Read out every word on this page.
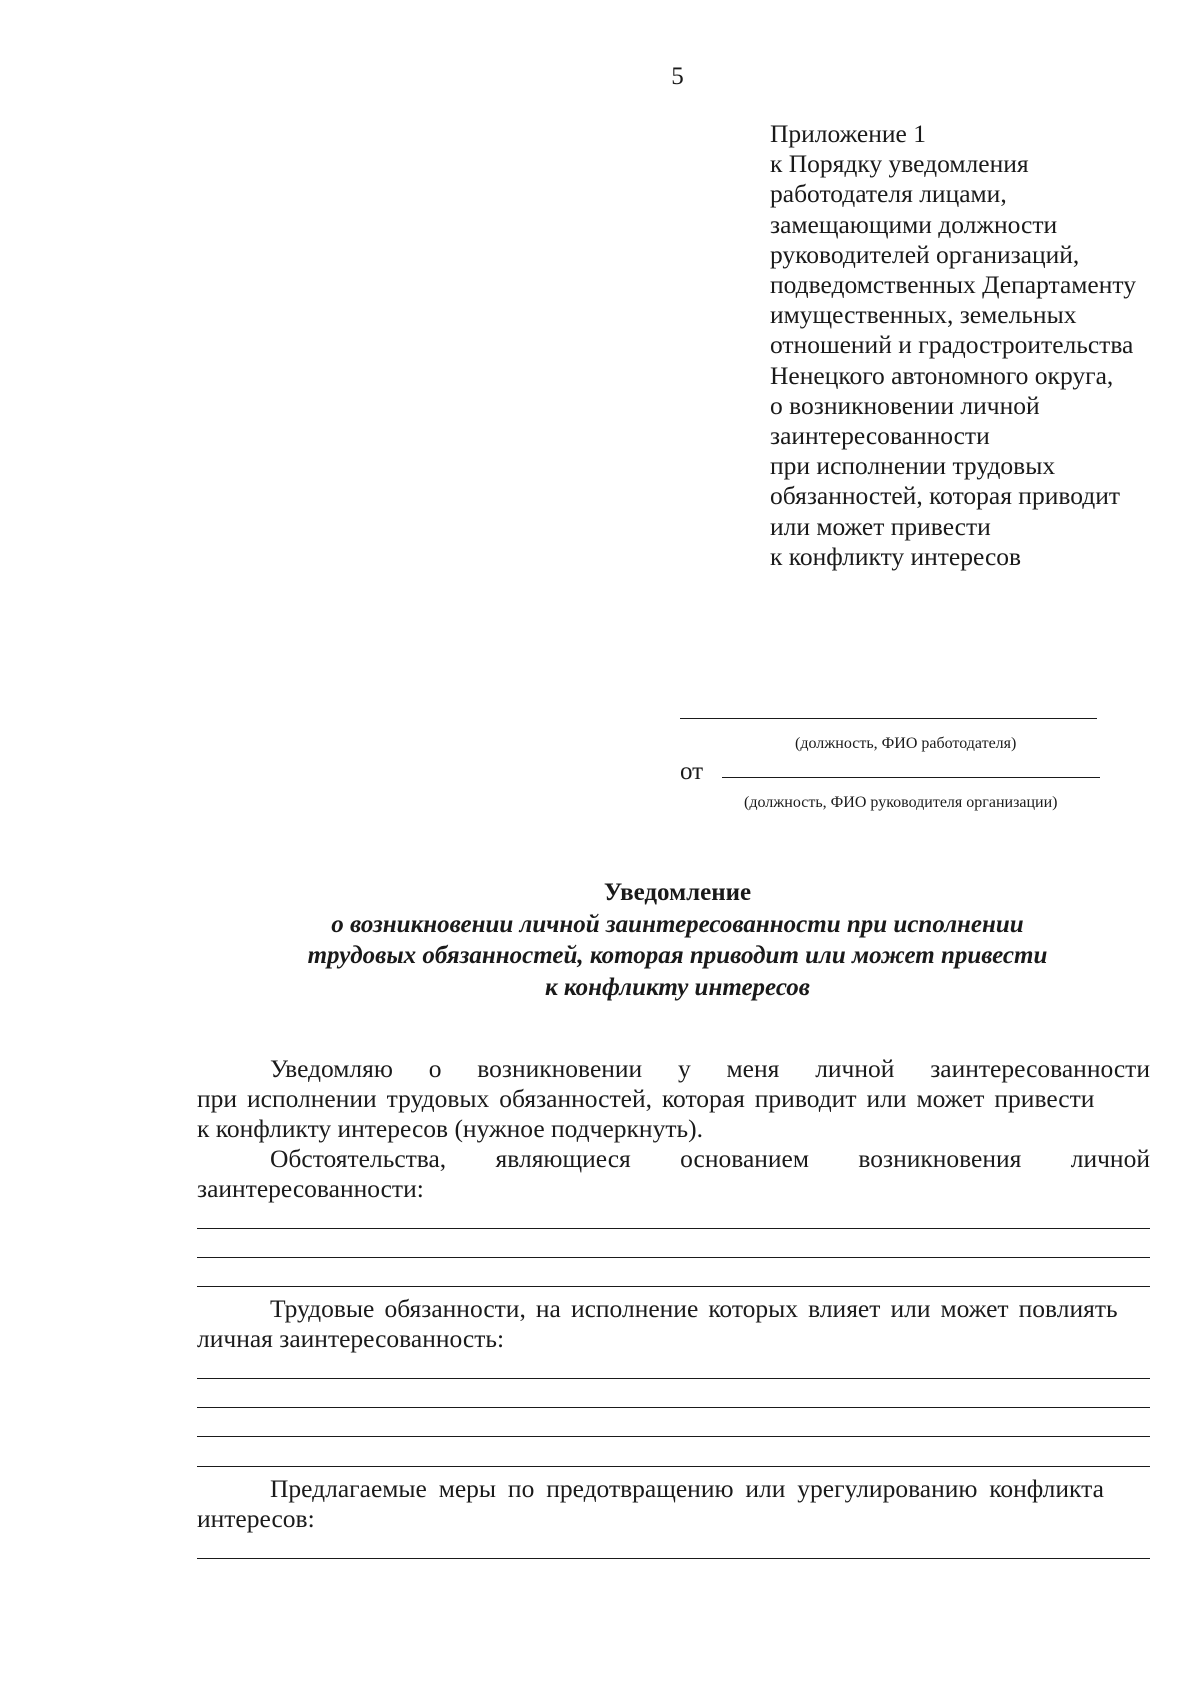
5
Приложение 1
к Порядку уведомления
работодателя лицами,
замещающими должности
руководителей организаций,
подведомственных Департаменту
имущественных, земельных
отношений и градостроительства
Ненецкого автономного округа,
о возникновении личной
заинтересованности
при исполнении трудовых
обязанностей, которая приводит
или может привести
к конфликту интересов
(должность, ФИО работодателя)
от
(должность, ФИО руководителя организации)
Уведомление
о возникновении личной заинтересованности при исполнении
трудовых обязанностей, которая приводит или может привести
к конфликту интересов
Уведомляю о возникновении у меня личной заинтересованности
при исполнении трудовых обязанностей, которая приводит или может привести
к конфликту интересов (нужное подчеркнуть).
Обстоятельства, являющиеся основанием возникновения личной
заинтересованности:
Трудовые обязанности, на исполнение которых влияет или может повлиять
личная заинтересованность:
Предлагаемые меры по предотвращению или урегулированию конфликта
интересов:
